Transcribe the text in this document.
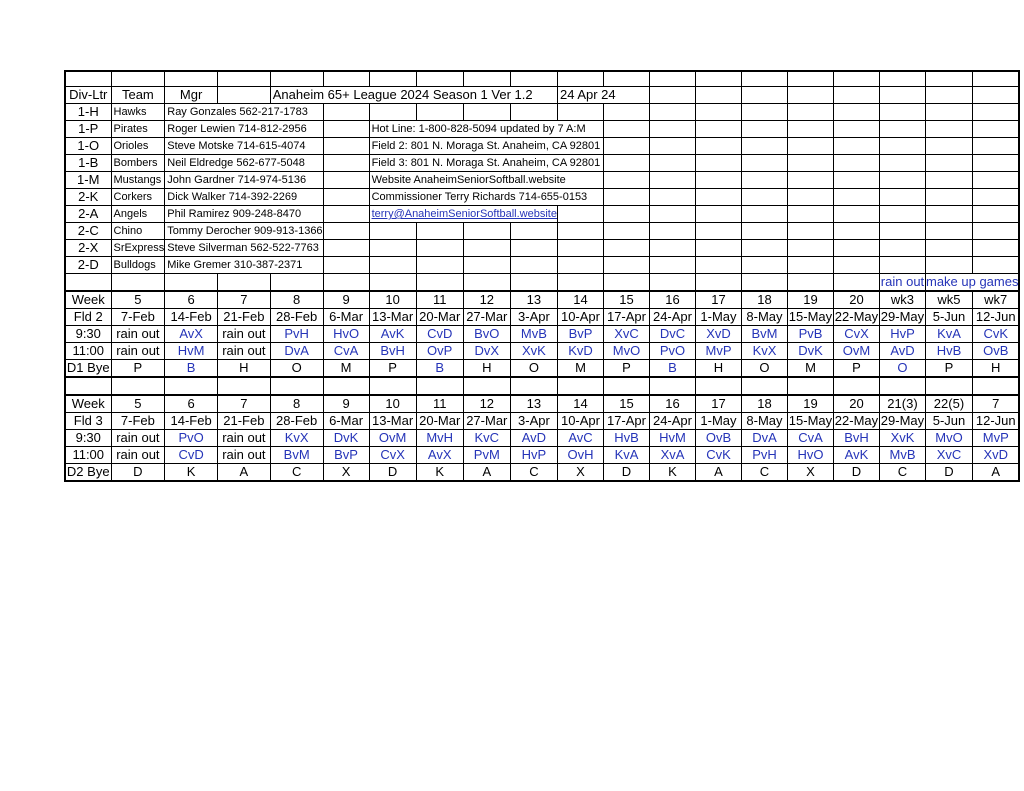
Div-Ltr	Team	Mgr		Anaheim 65+ League 2024 Season 1 Ver 1.2						24 Apr 24									
1-H	Hawks	Ray Gonzales 562-217-1783																	
1-P	Pirates	Roger Lewien 714-812-2956				Hot Line: 1-800-828-5094 updated by 7 A:M													
1-O	Orioles	Steve Motske 714-615-4074				Field 2: 801 N. Moraga St. Anaheim, CA 92801													
1-B	Bombers	Neil Eldredge 562-677-5048				Field 3: 801 N. Moraga St. Anaheim, CA 92801													
1-M	Mustangs	John Gardner 714-974-5136				Website AnaheimSeniorSoftball.website													
2-K	Corkers	Dick Walker 714-392-2269				Commissioner Terry Richards 714-655-0153													
2-A	Angels	Phil Ramirez 909-248-8470				terry@AnaheimSeniorSoftball.website													
2-C	Chino	Tommy Derocher 909-913-1366																	
2-X	SrExpress	Steve Silverman 562-522-7763																	
2-D	Bulldogs	Mike Gremer 310-387-2371																	
																	rain out	make up games	
Week	5	6	7	8	9	10	11	12	13	14	15	16	17	18	19	20	wk3	wk5	wk7
Fld 2	7-Feb	14-Feb	21-Feb	28-Feb	6-Mar	13-Mar	20-Mar	27-Mar	3-Apr	10-Apr	17-Apr	24-Apr	1-May	8-May	15-May	22-May	29-May	5-Jun	12-Jun
9:30	rain out	AvX	rain out	PvH	HvO	AvK	CvD	BvO	MvB	BvP	XvC	DvC	XvD	BvM	PvB	CvX	HvP	KvA	CvK
11:00	rain out	HvM	rain out	DvA	CvA	BvH	OvP	DvX	XvK	KvD	MvO	PvO	MvP	KvX	DvK	OvM	AvD	HvB	OvB
D1 Bye	P	B	H	O	M	P	B	H	O	M	P	B	H	O	M	P	O	P	H

Week	5	6	7	8	9	10	11	12	13	14	15	16	17	18	19	20	21(3)	22(5)	7
Fld 3	7-Feb	14-Feb	21-Feb	28-Feb	6-Mar	13-Mar	20-Mar	27-Mar	3-Apr	10-Apr	17-Apr	24-Apr	1-May	8-May	15-May	22-May	29-May	5-Jun	12-Jun
9:30	rain out	PvO	rain out	KvX	DvK	OvM	MvH	KvC	AvD	AvC	HvB	HvM	OvB	DvA	CvA	BvH	XvK	MvO	MvP
11:00	rain out	CvD	rain out	BvM	BvP	CvX	AvX	PvM	HvP	OvH	KvA	XvA	CvK	PvH	HvO	AvK	MvB	XvC	XvD
D2 Bye	D	K	A	C	X	D	K	A	C	X	D	K	A	C	X	D	C	D	A
